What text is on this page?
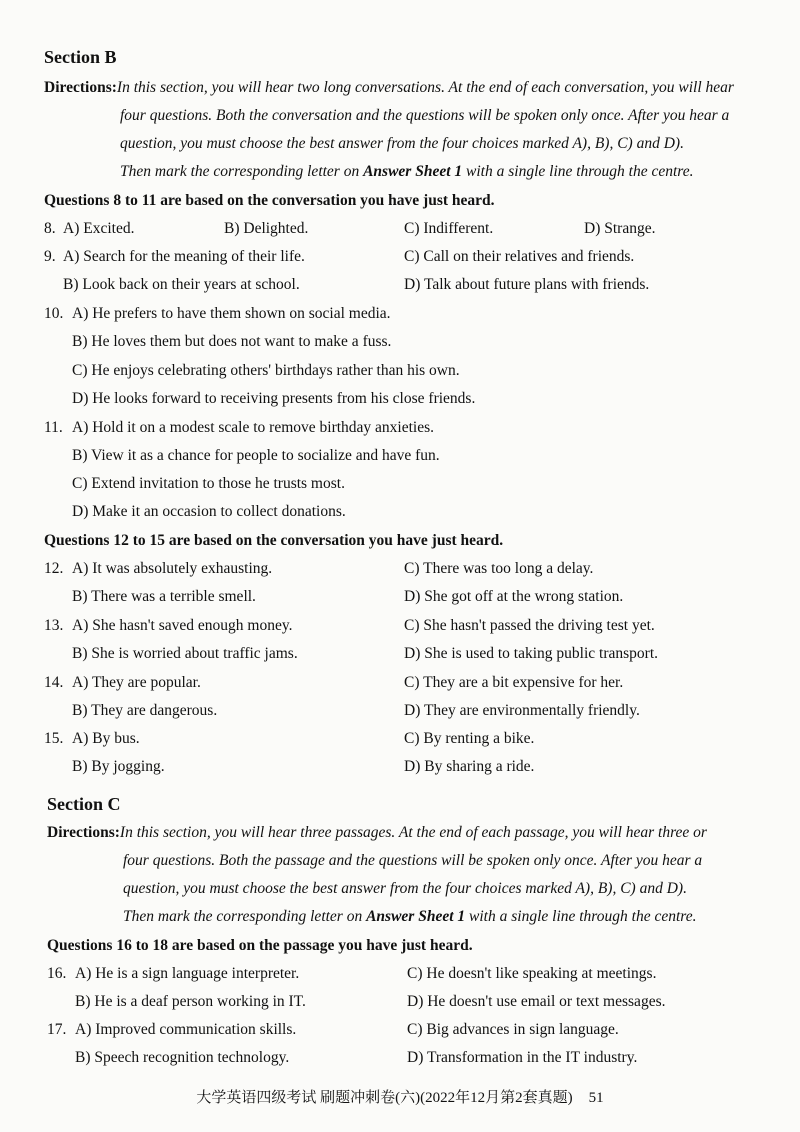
Section B
Directions:In this section, you will hear two long conversations. At the end of each conversation, you will hear
four questions. Both the conversation and the questions will be spoken only once. After you hear a
question, you must choose the best answer from the four choices marked A), B), C) and D).
Then mark the corresponding letter on Answer Sheet 1 with a single line through the centre.
Questions 8 to 11 are based on the conversation you have just heard.
8. A) Excited.	B) Delighted.	C) Indifferent.	D) Strange.
9. A) Search for the meaning of their life.	C) Call on their relatives and friends.
B) Look back on their years at school.	D) Talk about future plans with friends.
10. A) He prefers to have them shown on social media.
B) He loves them but does not want to make a fuss.
C) He enjoys celebrating others' birthdays rather than his own.
D) He looks forward to receiving presents from his close friends.
11. A) Hold it on a modest scale to remove birthday anxieties.
B) View it as a chance for people to socialize and have fun.
C) Extend invitation to those he trusts most.
D) Make it an occasion to collect donations.
Questions 12 to 15 are based on the conversation you have just heard.
12. A) It was absolutely exhausting.	C) There was too long a delay.
B) There was a terrible smell.	D) She got off at the wrong station.
13. A) She hasn't saved enough money.	C) She hasn't passed the driving test yet.
B) She is worried about traffic jams.	D) She is used to taking public transport.
14. A) They are popular.	C) They are a bit expensive for her.
B) They are dangerous.	D) They are environmentally friendly.
15. A) By bus.	C) By renting a bike.
B) By jogging.	D) By sharing a ride.
Section C
Directions:In this section, you will hear three passages. At the end of each passage, you will hear three or
four questions. Both the passage and the questions will be spoken only once. After you hear a
question, you must choose the best answer from the four choices marked A), B), C) and D).
Then mark the corresponding letter on Answer Sheet 1 with a single line through the centre.
Questions 16 to 18 are based on the passage you have just heard.
16. A) He is a sign language interpreter.	C) He doesn't like speaking at meetings.
B) He is a deaf person working in IT.	D) He doesn't use email or text messages.
17. A) Improved communication skills.	C) Big advances in sign language.
B) Speech recognition technology.	D) Transformation in the IT industry.
大学英语四级考试 刷题冲刺卷(六)(2022年12月第2套真题) 51
